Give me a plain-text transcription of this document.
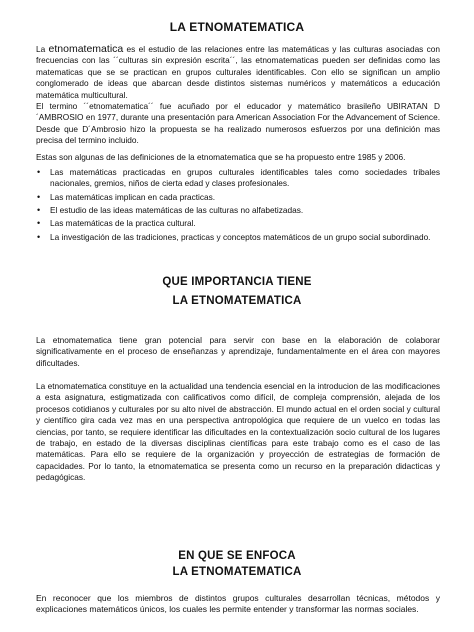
LA ETNOMATEMATICA

La etnomatematica es el estudio de las relaciones entre las matemáticas y las culturas asociadas con frecuencias con las ´´culturas sin expresión escrita´´, las etnomatematicas pueden ser definidas como las matematicas que se se practican en grupos culturales identificables. Con ello se significan un amplio conglomerado de ideas que abarcan desde distintos sistemas numéricos y matemáticos a educación matemática multicultural.

El termino ´´etnomatematica´´ fue acuñado por el educador y matemático brasileño UBIRATAN D ´AMBROSIO en 1977, durante una presentación para American Association For the Advancement of Science. Desde que D´Ambrosio hizo la propuesta se ha realizado numerosos esfuerzos por una definición mas precisa del termino incluido.

Estas son algunas de las definiciones de la etnomatematica que se ha propuesto entre 1985 y 2006.

• Las matemáticas practicadas en grupos culturales identificables tales como sociedades tribales nacionales, gremios, niños de cierta edad y clases profesionales.
• Las matemáticas implican en cada practicas.
• El estudio de las ideas matemáticas de las culturas no alfabetizadas.
• Las matemáticas de la practica cultural.
• La investigación de las tradiciones, practicas y conceptos matemáticos de un grupo social subordinado.
QUE IMPORTANCIA TIENE
LA ETNOMATEMATICA

La etnomatematica tiene gran potencial para servir con base en la elaboración de colaborar significativamente en el proceso de enseñanzas y aprendizaje, fundamentalmente en el área con mayores dificultades.

La etnomatematica constituye en la actualidad una tendencia esencial en la introducion de las modificaciones a esta asignatura, estigmatizada con calificativos como difícil, de compleja comprensión, alejada de los procesos cotidianos y culturales por su alto nivel de abstracción. El mundo actual en el orden social y cultural y científico gira cada vez mas en una perspectiva antropológica que requiere de un vuelco en todas las ciencias, por tanto, se requiere identificar las dificultades en la contextualización socio cultural de los lugares de trabajo, en estado de la diversas disciplinas científicas para este trabajo como es el caso de las matemáticas. Para ello se requiere de la organización y proyección de estrategias de formación de capacidades. Por lo tanto, la etnomatematica se presenta como un recurso en la preparación didacticas y pedagógicas.

EN QUE SE ENFOCA
LA ETNOMATEMATICA

En reconocer que los miembros de distintos grupos culturales desarrollan técnicas, métodos y explicaciones matemáticos únicos, los cuales les permite entender y transformar las normas sociales.
